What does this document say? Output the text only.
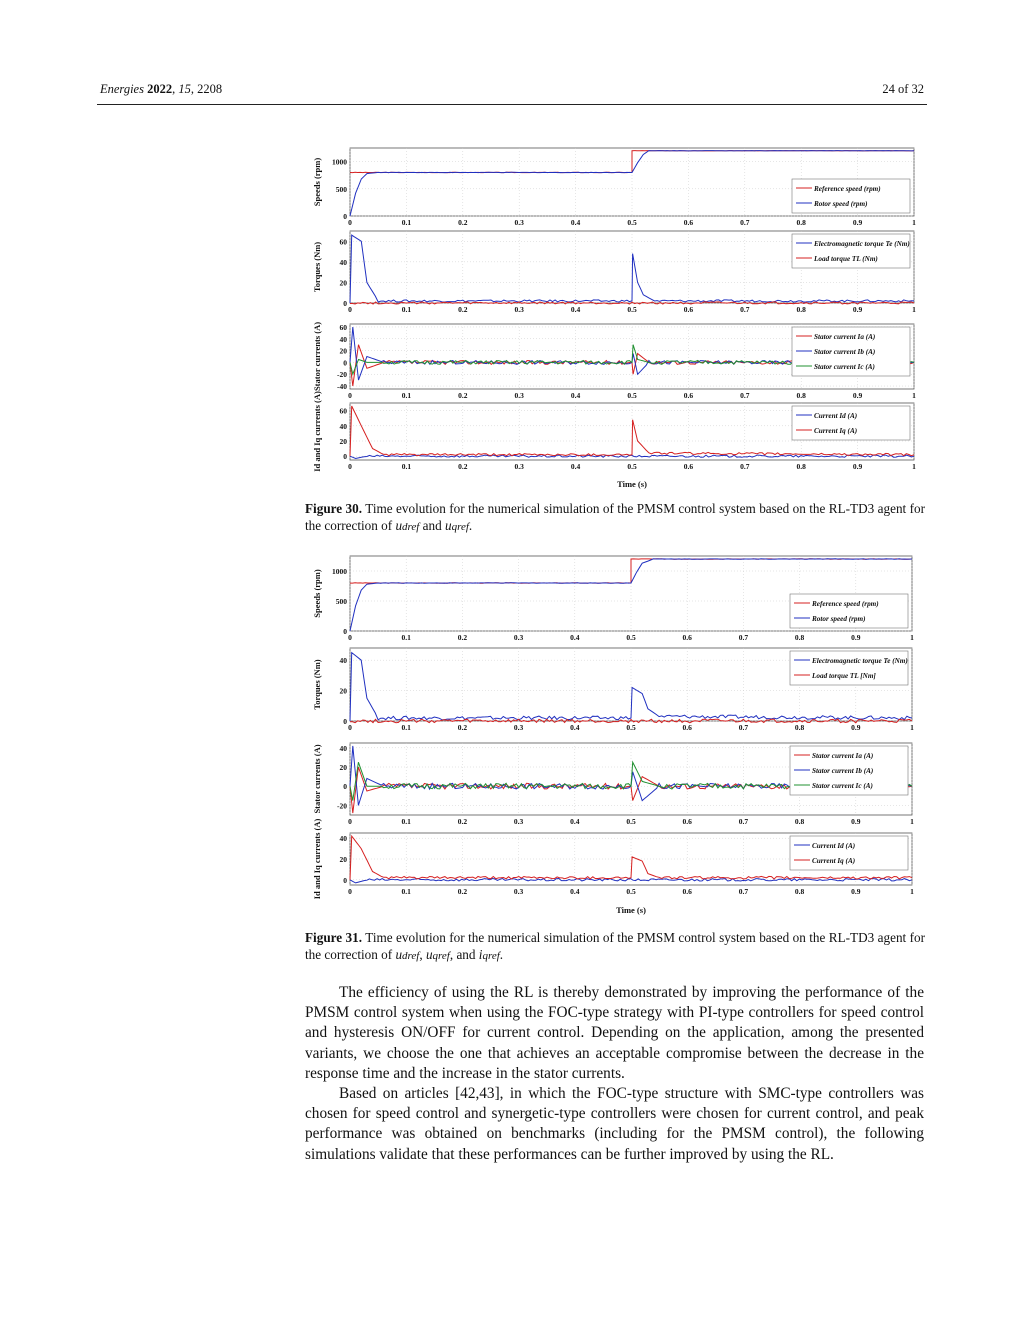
Energies 2022, 15, 2208	24 of 32
0	0.1	0.2	0.3	0.4	0.5	0.6	0.7	0.8	0.9	1
0
500
1000
Speeds (rpm)	Reference speed (rpm)
Rotor speed (rpm)
0	0.1	0.2	0.3	0.4	0.5	0.6	0.7	0.8	0.9	1
0
20
40
60
Torques (Nm)	Electromagnetic torque Te (Nm)
Load torque TL (Nm)
0	0.1	0.2	0.3	0.4	0.5	0.6	0.7	0.8	0.9	1
-40
-20
0
20
40
60
Stator currents (A)	Stator current Ia (A)
Stator current Ib (A)
Stator current Ic (A)
0	0.1	0.2	0.3	0.4	0.5	0.6	0.7	0.8	0.9	1
0
20
40
60
Id and Iq currents (A)	Current Id (A)
Current Iq (A)
Time (s)
Figure 30. Time evolution for the numerical simulation of the PMSM control system based on the RL-TD3 agent for the correction of udref and uqref.
0	0.1	0.2	0.3	0.4	0.5	0.6	0.7	0.8	0.9	1
0
500
1000
Speeds (rpm)	Reference speed (rpm)
Rotor speed (rpm)
0	0.1	0.2	0.3	0.4	0.5	0.6	0.7	0.8	0.9	1
0
20
40
Torques (Nm)	Electromagnetic torque Te (Nm)
Load torque TL [Nm]
0	0.1	0.2	0.3	0.4	0.5	0.6	0.7	0.8	0.9	1
-20
0
20
40
Stator currents (A)	Stator current Ia (A)
Stator current Ib (A)
Stator current Ic (A)
0	0.1	0.2	0.3	0.4	0.5	0.6	0.7	0.8	0.9	1
0
20
40
Id and Iq currents (A)	Current Id (A)
Current Iq (A)
Time (s)
Figure 31. Time evolution for the numerical simulation of the PMSM control system based on the RL-TD3 agent for the correction of udref, uqref, and iqref.

The efficiency of using the RL is thereby demonstrated by improving the performance of the PMSM control system when using the FOC-type strategy with PI-type controllers for speed control and hysteresis ON/OFF for current control. Depending on the application, among the presented variants, we choose the one that achieves an acceptable compromise between the decrease in the response time and the increase in the stator currents.

Based on articles [42,43], in which the FOC-type structure with SMC-type controllers was chosen for speed control and synergetic-type controllers were chosen for current control, and peak performance was obtained on benchmarks (including for the PMSM control), the following simulations validate that these performances can be further improved by using the RL.
